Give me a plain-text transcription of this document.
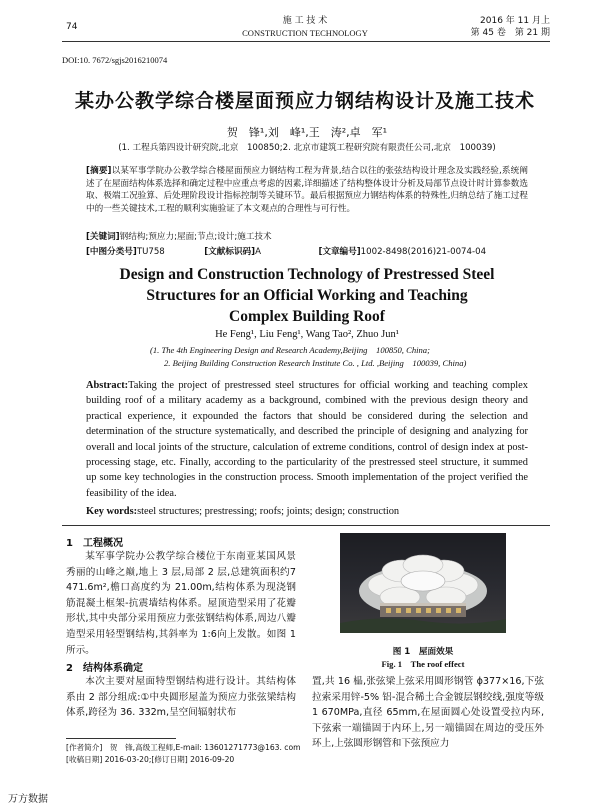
74
施 工 技 术
CONSTRUCTION TECHNOLOGY
2016 年 11 月上
第 45 卷　第 21 期
DOI:10. 7672/sgjs2016210074
某办公教学综合楼屋面预应力钢结构设计及施工技术
贺　锋¹,刘　峰¹,王　涛²,卓　军¹
(1. 工程兵第四设计研究院,北京　100850;2. 北京市建筑工程研究院有限责任公司,北京　100039)
[摘要]以某军事学院办公教学综合楼屋面预应力钢结构工程为背景,结合以往的张弦结构设计理念及实践经验,系统阐述了在屋面结构体系选择和确定过程中应重点考虑的因素,详细描述了结构整体设计分析及局部节点设计时计算参数选取、极端工况验算、后处理阶段设计指标控制等关键环节。最后根据预应力钢结构体系的特殊性,归纳总结了施工过程中的一些关键技术,工程的顺利实施验证了本文观点的合理性与可行性。
[关键词]钢结构;预应力;屋面;节点;设计;施工技术
[中图分类号]TU758	[文献标识码]A	[文章编号]1002-8498(2016)21-0074-04
Design and Construction Technology of Prestressed Steel
Structures for an Official Working and Teaching
Complex Building Roof
He Feng¹, Liu Feng¹, Wang Tao², Zhuo Jun¹
(1. The 4th Engineering Design and Research Academy,Beijing　100850, China;
2. Beijing Building Construction Research Institute Co. , Ltd. ,Beijing　100039, China)
Abstract:Taking the project of prestressed steel structures for official working and teaching complex building roof of a military academy as a background, combined with the previous design theory and practical experience, it expounded the factors that should be considered during the selection and determination of the structure systematically, and described the principle of designing and analyzing for overall and local joints of the structure, calculation of extreme conditions, control of design index at post-processing stage, etc. Finally, according to the particularity of the prestressed steel structure, it summed up some key technologies in the construction process. Smooth implementation of the project verified the feasibility of the idea.
Key words:steel structures; prestressing; roofs; joints; design; construction
1　工程概况
某军事学院办公教学综合楼位于东南亚某国风景秀丽的山峰之巅,地上 3 层,局部 2 层,总建筑面积约7 471.6m²,檐口高度约为 21.00m,结构体系为现浇钢筋混凝土框架-抗震墙结构体系。屋顶造型采用了花瓣形状,其中央部分采用预应力张弦钢结构体系,周边八瓣造型采用轻型钢结构,其斜率为 1:6向上发散。如图 1 所示。
2　结构体系确定
本次主要对屋面特型钢结构进行设计。其结构体系由 2 部分组成:①中央圆形屋盖为预应力张弦梁结构体系,跨径为 36. 332m,呈空间辐射状布
图 1　屋面效果
Fig. 1　The roof effect
置,共 16 榀,张弦梁上弦采用圆形钢管 ϕ377×16,下弦拉索采用锌-5% 铝-混合稀土合金镀层钢绞线,强度等级1 670MPa,直径 65mm,在屋面圆心处设置受拉内环,下弦索一端锚固于内环上,另一端锚固在周边的受压外环上,上弦圆形钢管和下弦预应力
[作者简介]　贺　锋,高级工程师,E-mail: 13601271773@163. com
[收稿日期] 2016-03-20;[修订日期] 2016-09-20
万方数据
